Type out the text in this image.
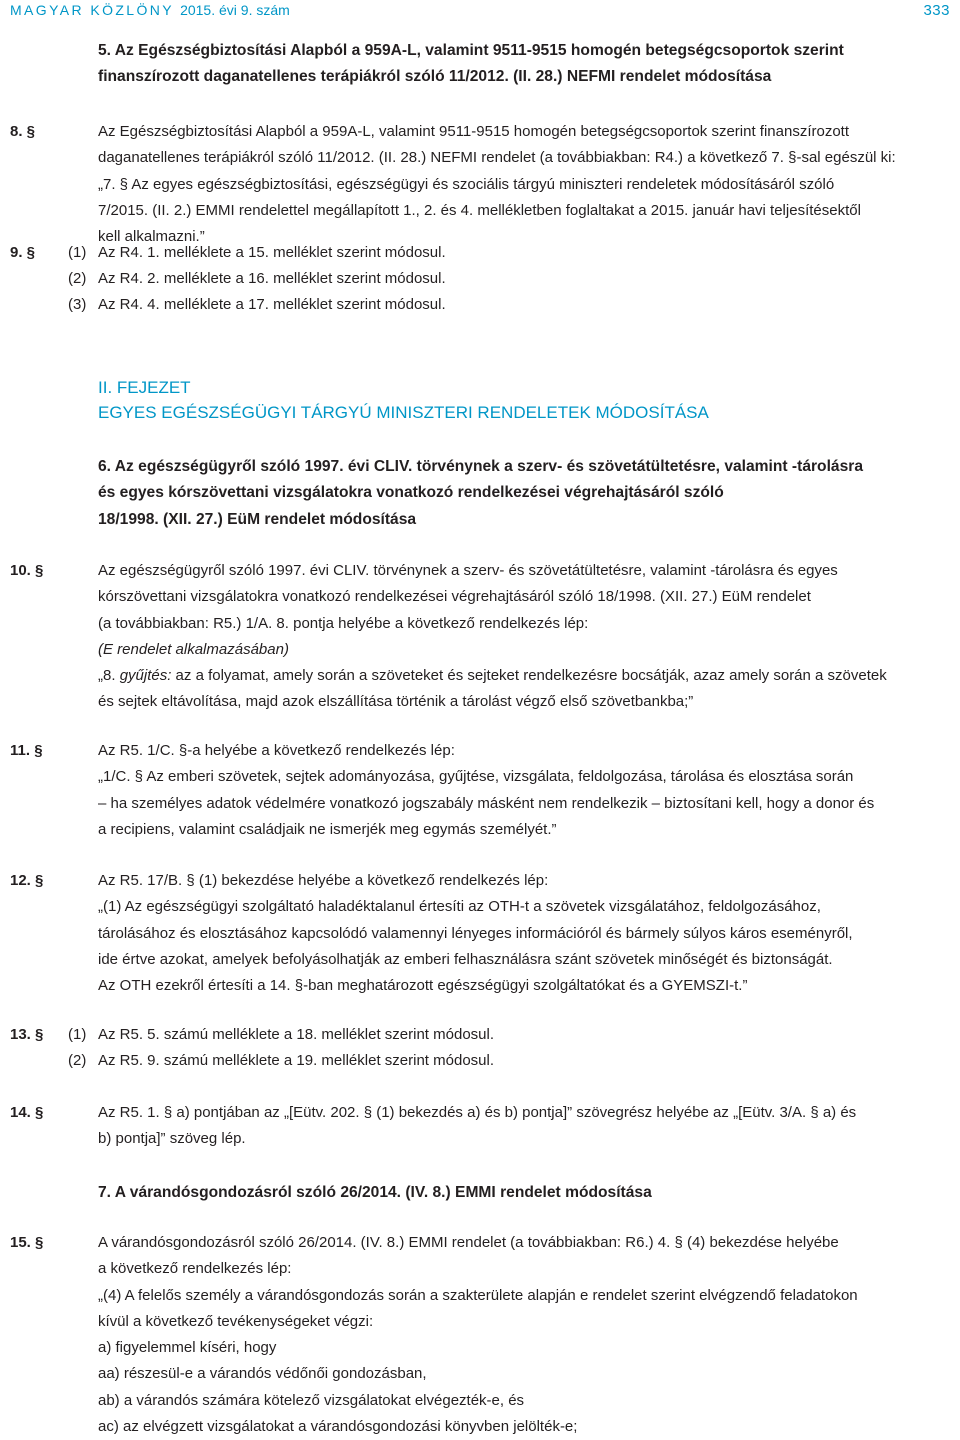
MAGYAR KÖZLÖNY 2015. évi 9. szám	333
5. Az Egészségbiztosítási Alapból a 959A-L, valamint 9511-9515 homogén betegségcsoportok szerint
finanszírozott daganatellenes terápiákról szóló 11/2012. (II. 28.) NEFMI rendelet módosítása
8. §	Az Egészségbiztosítási Alapból a 959A-L, valamint 9511-9515 homogén betegségcsoportok szerint finanszírozott
daganatellenes terápiákról szóló 11/2012. (II. 28.) NEFMI rendelet (a továbbiakban: R4.) a következő 7. §-sal egészül ki:
„7. § Az egyes egészségbiztosítási, egészségügyi és szociális tárgyú miniszteri rendeletek módosításáról szóló
7/2015. (II. 2.) EMMI rendelettel megállapított 1., 2. és 4. mellékletben foglaltakat a 2015. január havi teljesítésektől
kell alkalmazni.”
9. § (1) Az R4. 1. melléklete a 15. melléklet szerint módosul.
(2) Az R4. 2. melléklete a 16. melléklet szerint módosul.
(3) Az R4. 4. melléklete a 17. melléklet szerint módosul.
II. FEJEZET
EGYES EGÉSZSÉGÜGYI TÁRGYÚ MINISZTERI RENDELETEK MÓDOSÍTÁSA
6. Az egészségügyről szóló 1997. évi CLIV. törvénynek a szerv- és szövetátültetésre, valamint -tárolásra
és egyes kórszövettani vizsgálatokra vonatkozó rendelkezései végrehajtásáról szóló
18/1998. (XII. 27.) EüM rendelet módosítása
10. §	Az egészségügyről szóló 1997. évi CLIV. törvénynek a szerv- és szövetátültetésre, valamint -tárolásra és egyes
kórszövettani vizsgálatokra vonatkozó rendelkezései végrehajtásáról szóló 18/1998. (XII. 27.) EüM rendelet
(a továbbiakban: R5.) 1/A. 8. pontja helyébe a következő rendelkezés lép:
(E rendelet alkalmazásában)
„8. gyűjtés: az a folyamat, amely során a szöveteket és sejteket rendelkezésre bocsátják, azaz amely során a szövetek
és sejtek eltávolítása, majd azok elszállítása történik a tárolást végző első szövetbankba;”
11. §	Az R5. 1/C. §-a helyébe a következő rendelkezés lép:
„1/C. § Az emberi szövetek, sejtek adományozása, gyűjtése, vizsgálata, feldolgozása, tárolása és elosztása során
– ha személyes adatok védelmére vonatkozó jogszabály másként nem rendelkezik – biztosítani kell, hogy a donor és
a recipiens, valamint családjaik ne ismerjék meg egymás személyét.”
12. §	Az R5. 17/B. § (1) bekezdése helyébe a következő rendelkezés lép:
„(1) Az egészségügyi szolgáltató haladéktalanul értesíti az OTH-t a szövetek vizsgálatához, feldolgozásához,
tárolásához és elosztásához kapcsolódó valamennyi lényeges információról és bármely súlyos káros eseményről,
ide értve azokat, amelyek befolyásolhatják az emberi felhasználásra szánt szövetek minőségét és biztonságát.
Az OTH ezekről értesíti a 14. §-ban meghatározott egészségügyi szolgáltatókat és a GYEMSZI-t.”
13. § (1) Az R5. 5. számú melléklete a 18. melléklet szerint módosul.
(2) Az R5. 9. számú melléklete a 19. melléklet szerint módosul.
14. §	Az R5. 1. § a) pontjában az „[Eütv. 202. § (1) bekezdés a) és b) pontja]” szövegrész helyébe az „[Eütv. 3/A. § a) és
b) pontja]” szöveg lép.
7. A várandósgondozásról szóló 26/2014. (IV. 8.) EMMI rendelet módosítása
15. §	A várandósgondozásról szóló 26/2014. (IV. 8.) EMMI rendelet (a továbbiakban: R6.) 4. § (4) bekezdése helyébe
a következő rendelkezés lép:
„(4) A felelős személy a várandósgondozás során a szakterülete alapján e rendelet szerint elvégzendő feladatokon
kívül a következő tevékenységeket végzi:
a) figyelemmel kíséri, hogy
aa) részesül-e a várandós védőnői gondozásban,
ab) a várandós számára kötelező vizsgálatokat elvégezték-e, és
ac) az elvégzett vizsgálatokat a várandósgondozási könyvben jelölték-e;
